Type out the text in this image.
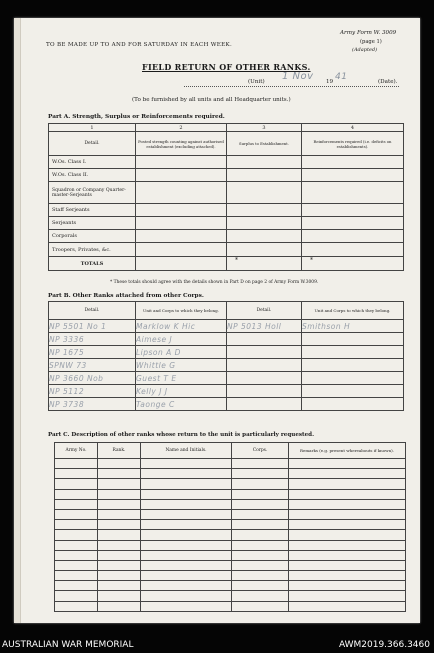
TO BE MADE UP TO AND FOR SATURDAY IN EACH WEEK.
Army Form W. 3009
(page 1)
(Adapted)
FIELD RETURN OF OTHER RANKS.
(Unit) 1 Nov 19 41	(Date).
(To be furnished by all units and all Headquarter units.)
Part A. Strength, Surplus or Reinforcements required.
1	2	3	4
Detail.	Posted strength counting against authorised establishment (excluding attached).	Surplus to Establishment.	Reinforcements required (i.e. deficits on establishments).
W.Os. Class I.			
W.Os. Class II.			
Squadron or Company Quarter-master-Serjeants			
Staff Serjeants			
Serjeants			
Corporals			
Troopers, Privates, &c.			
TOTALS		*	*
* These totals should agree with the details shown in Part D on page 2 of Army Form W.3009.
Part B. Other Ranks attached from other Corps.
Detail.	Unit and Corps to which they belong.	Detail.	Unit and Corps to which they belong.
NP 5501 No 1	Marklow K Hic	NP 5013 Holl	Smithson H
NP 3336	Aimese J		
NP 1675	Lipson A D		
SPNW 73	Whittle G		
NP 3660 Nob	Guest T E		
NP 5112	Kelly J J		
NP 3738	Taonge C		
Part C. Description of other ranks whose return to the unit is particularly requested.
Army No.	Rank.	Name and Initials.	Corps.	Remarks (e.g. present whereabouts if known).

AUSTRALIAN WAR MEMORIAL	AWM2019.366.3460
